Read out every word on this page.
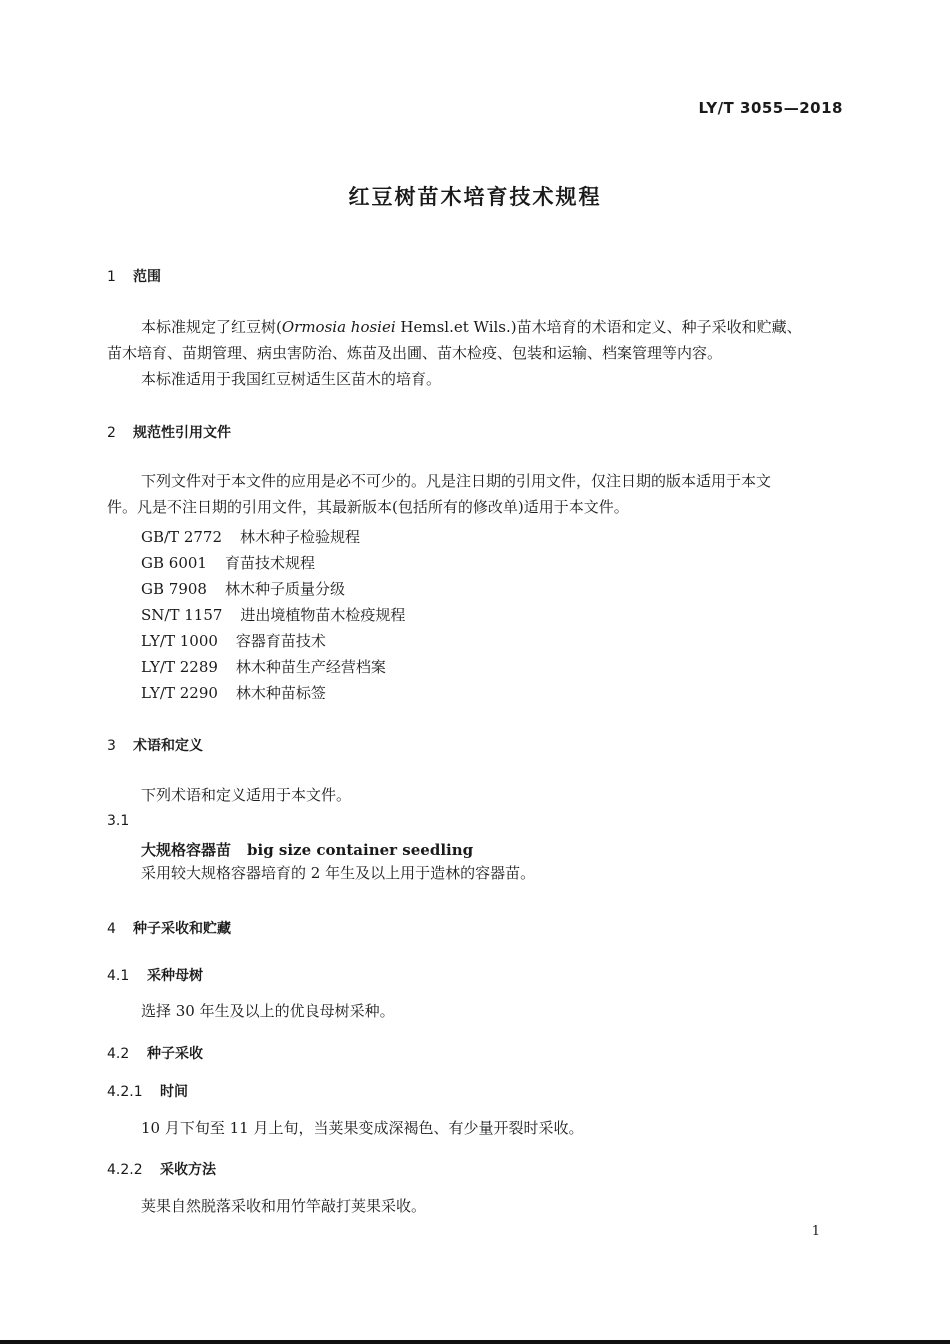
LY/T 3055—2018
红豆树苗木培育技术规程
1 范围
本标准规定了红豆树(Ormosia hosiei Hemsl.et Wils.)苗木培育的术语和定义、种子采收和贮藏、
苗木培育、苗期管理、病虫害防治、炼苗及出圃、苗木检疫、包装和运输、档案管理等内容。
本标准适用于我国红豆树适生区苗木的培育。
2 规范性引用文件
下列文件对于本文件的应用是必不可少的。凡是注日期的引用文件，仅注日期的版本适用于本文
件。凡是不注日期的引用文件，其最新版本(包括所有的修改单)适用于本文件。
GB/T 2772 林木种子检验规程
GB 6001 育苗技术规程
GB 7908 林木种子质量分级
SN/T 1157 进出境植物苗木检疫规程
LY/T 1000 容器育苗技术
LY/T 2289 林木种苗生产经营档案
LY/T 2290 林木种苗标签
3 术语和定义
下列术语和定义适用于本文件。
3.1
大规格容器苗 big size container seedling
采用较大规格容器培育的 2 年生及以上用于造林的容器苗。
4 种子采收和贮藏
4.1 采种母树
选择 30 年生及以上的优良母树采种。
4.2 种子采收
4.2.1 时间
10 月下旬至 11 月上旬，当荚果变成深褐色、有少量开裂时采收。
4.2.2 采收方法
荚果自然脱落采收和用竹竿敲打荚果采收。
1
